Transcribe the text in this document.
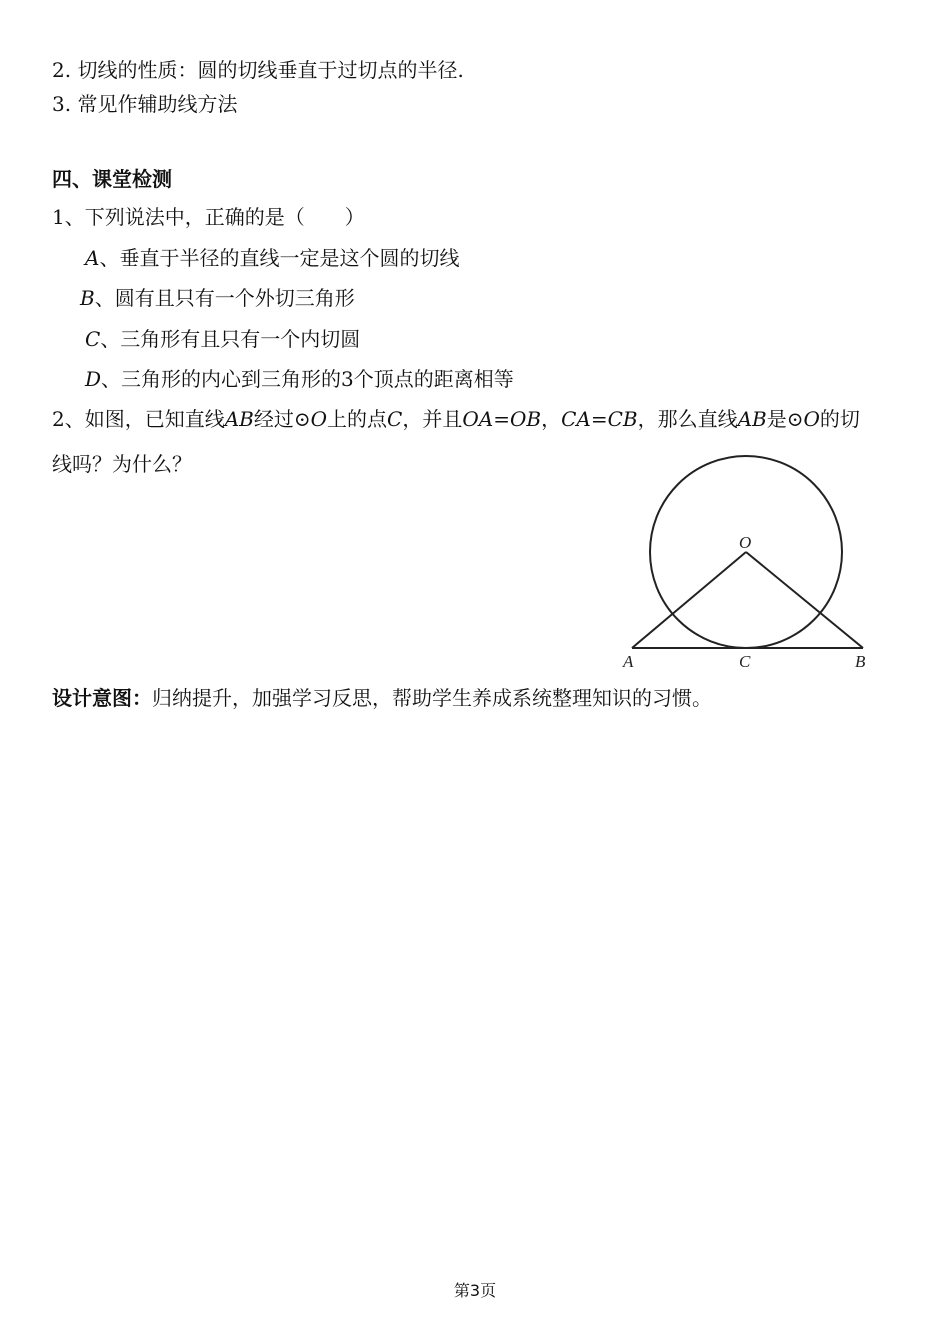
2. 切线的性质：圆的切线垂直于过切点的半径.
3. 常见作辅助线方法
四、课堂检测
1、下列说法中，正确的是（　　）
A、垂直于半径的直线一定是这个圆的切线
B、圆有且只有一个外切三角形
C、三角形有且只有一个内切圆
D、三角形的内心到三角形的3个顶点的距离相等
2、如图，已知直线AB经过⊙O上的点C，并且OA=OB，CA=CB，那么直线AB是⊙O的切
线吗？为什么？
O
A	C	B
设计意图：归纳提升，加强学习反思，帮助学生养成系统整理知识的习惯。
第3页
